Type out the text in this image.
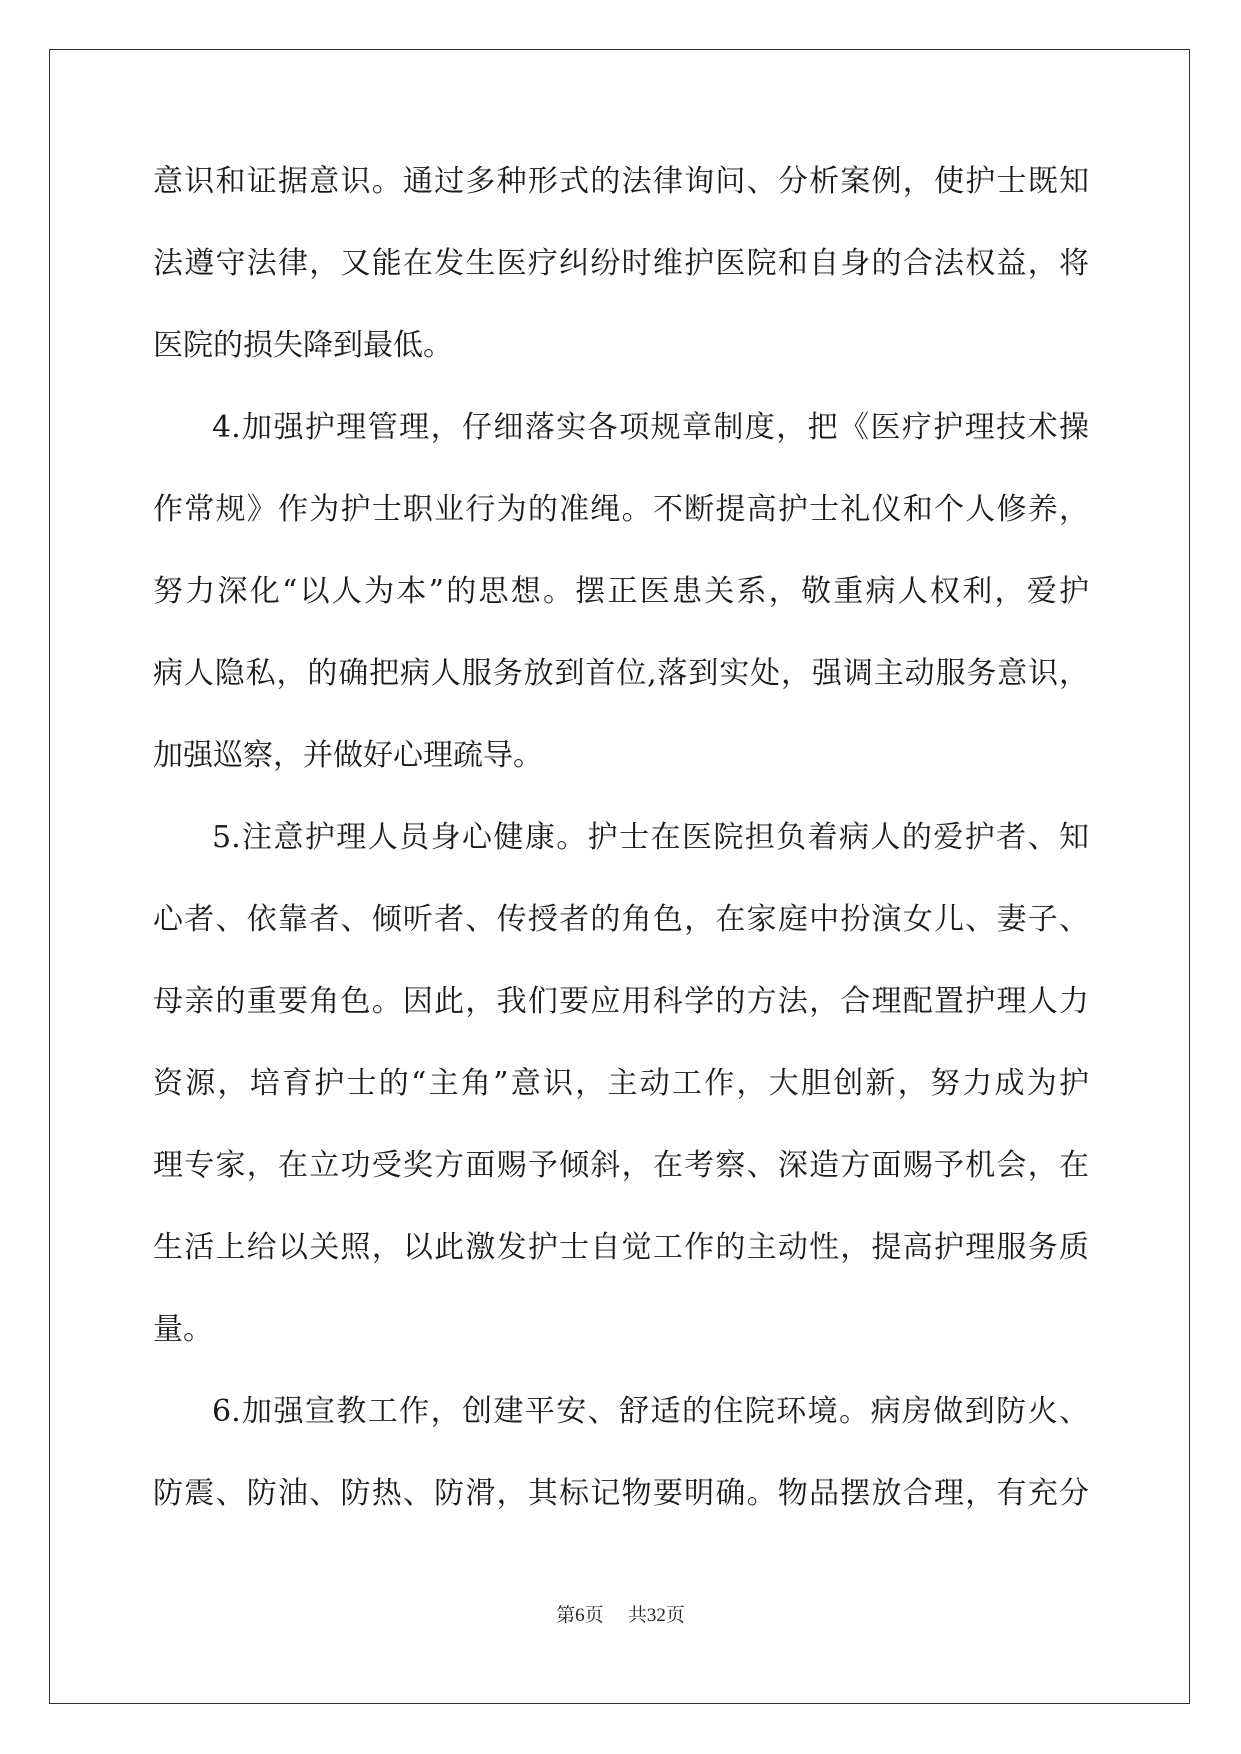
意识和证据意识。通过多种形式的法律询问、分析案例，使护士既知
法遵守法律，又能在发生医疗纠纷时维护医院和自身的合法权益，将
医院的损失降到最低。
4.加强护理管理，仔细落实各项规章制度，把《医疗护理技术操
作常规》作为护士职业行为的准绳。不断提高护士礼仪和个人修养，
努力深化“以人为本”的思想。摆正医患关系，敬重病人权利，爱护
病人隐私，的确把病人服务放到首位,落到实处，强调主动服务意识，
加强巡察，并做好心理疏导。
5.注意护理人员身心健康。护士在医院担负着病人的爱护者、知
心者、依靠者、倾听者、传授者的角色，在家庭中扮演女儿、妻子、
母亲的重要角色。因此，我们要应用科学的方法，合理配置护理人力
资源，培育护士的“主角”意识，主动工作，大胆创新，努力成为护
理专家，在立功受奖方面赐予倾斜，在考察、深造方面赐予机会，在
生活上给以关照，以此激发护士自觉工作的主动性，提高护理服务质
量。
6.加强宣教工作，创建平安、舒适的住院环境。病房做到防火、
防震、防油、防热、防滑，其标记物要明确。物品摆放合理，有充分
第6页 共32页
